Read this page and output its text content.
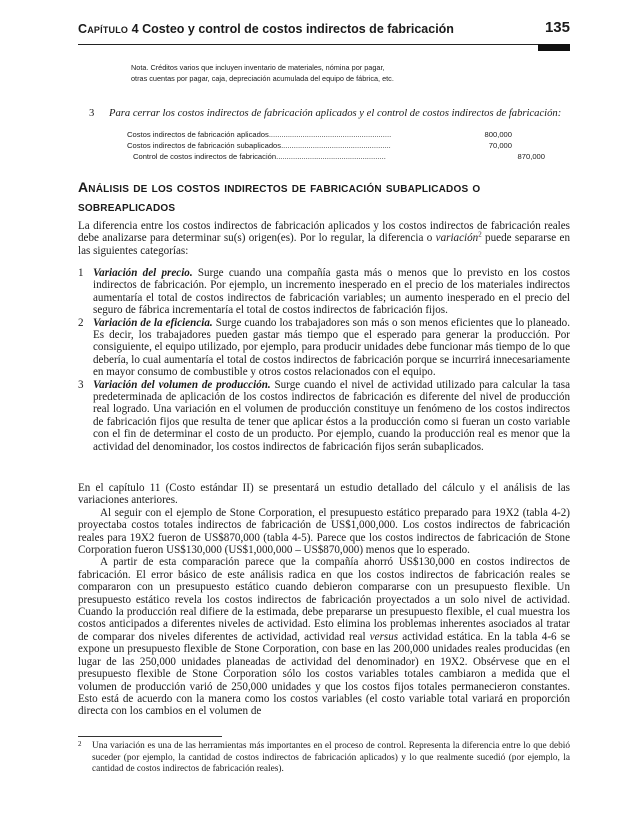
Capítulo 4 Costeo y control de costos indirectos de fabricación	135
Nota. Créditos varios que incluyen inventario de materiales, nómina por pagar, otras cuentas por pagar, caja, depreciación acumulada del equipo de fábrica, etc.
3 Para cerrar los costos indirectos de fabricación aplicados y el control de costos indirectos de fabricación:
Costos indirectos de fabricación aplicados..........................................................	800,000
Costos indirectos de fabricación subaplicados....................................................	70,000
Control de costos indirectos de fabricación....................................................	870,000
Análisis de los costos indirectos de fabricación subaplicados o sobreaplicados

La diferencia entre los costos indirectos de fabricación aplicados y los costos indirectos de fabricación reales debe analizarse para determinar su(s) origen(es). Por lo regular, la diferencia o variación$^2$ puede separarse en las siguientes categorías:

1 Variación del precio. Surge cuando una compañía gasta más o menos que lo previsto en los costos indirectos de fabricación. Por ejemplo, un incremento inesperado en el precio de los materiales indirectos aumentaría el total de costos indirectos de fabricación variables; un aumento inesperado en el precio del seguro de fábrica incrementaría el total de costos indirectos de fabricación fijos.

2 Variación de la eficiencia. Surge cuando los trabajadores son más o son menos eficientes que lo planeado. Es decir, los trabajadores pueden gastar más tiempo que el esperado para generar la producción. Por consiguiente, el equipo utilizado, por ejemplo, para producir unidades debe funcionar más tiempo de lo que debería, lo cual aumentaría el total de costos indirectos de fabricación porque se incurrirá innecesariamente en mayor consumo de combustible y otros costos relacionados con el equipo.

3 Variación del volumen de producción. Surge cuando el nivel de actividad utilizado para calcular la tasa predeterminada de aplicación de los costos indirectos de fabricación es diferente del nivel de producción real logrado. Una variación en el volumen de producción constituye un fenómeno de los costos indirectos de fabricación fijos que resulta de tener que aplicar éstos a la producción como si fueran un costo variable con el fin de determinar el costo de un producto. Por ejemplo, cuando la producción real es menor que la actividad del denominador, los costos indirectos de fabricación fijos serán subaplicados.

En el capítulo 11 (Costo estándar II) se presentará un estudio detallado del cálculo y el análisis de las variaciones anteriores.

Al seguir con el ejemplo de Stone Corporation, el presupuesto estático preparado para 19X2 (tabla 4-2) proyectaba costos totales indirectos de fabricación de US$1,000,000. Los costos indirectos de fabricación reales para 19X2 fueron de US$870,000 (tabla 4-5). Parece que los costos indirectos de fabricación de Stone Corporation fueron US$130,000 (US$1,000,000 – US$870,000) menos que lo esperado.

A partir de esta comparación parece que la compañía ahorró US$130,000 en costos indirectos de fabricación. El error básico de este análisis radica en que los costos indirectos de fabricación reales se compararon con un presupuesto estático cuando debieron compararse con un presupuesto flexible. Un presupuesto estático revela los costos indirectos de fabricación proyectados a un solo nivel de actividad. Cuando la producción real difiere de la estimada, debe prepararse un presupuesto flexible, el cual muestra los costos anticipados a diferentes niveles de actividad. Esto elimina los problemas inherentes asociados al tratar de comparar dos niveles diferentes de actividad, actividad real versus actividad estática. En la tabla 4-6 se expone un presupuesto flexible de Stone Corporation, con base en las 200,000 unidades reales producidas (en lugar de las 250,000 unidades planeadas de actividad del denominador) en 19X2. Obsérvese que en el presupuesto flexible de Stone Corporation sólo los costos variables totales cambiaron a medida que el volumen de producción varió de 250,000 unidades y que los costos fijos totales permanecieron constantes. Esto está de acuerdo con la manera como los costos variables (el costo variable total variará en proporción directa con los cambios en el volumen de

2	Una variación es una de las herramientas más importantes en el proceso de control. Representa la diferencia entre lo que debió suceder (por ejemplo, la cantidad de costos indirectos de fabricación aplicados) y lo que realmente sucedió (por ejemplo, la cantidad de costos indirectos de fabricación reales).
